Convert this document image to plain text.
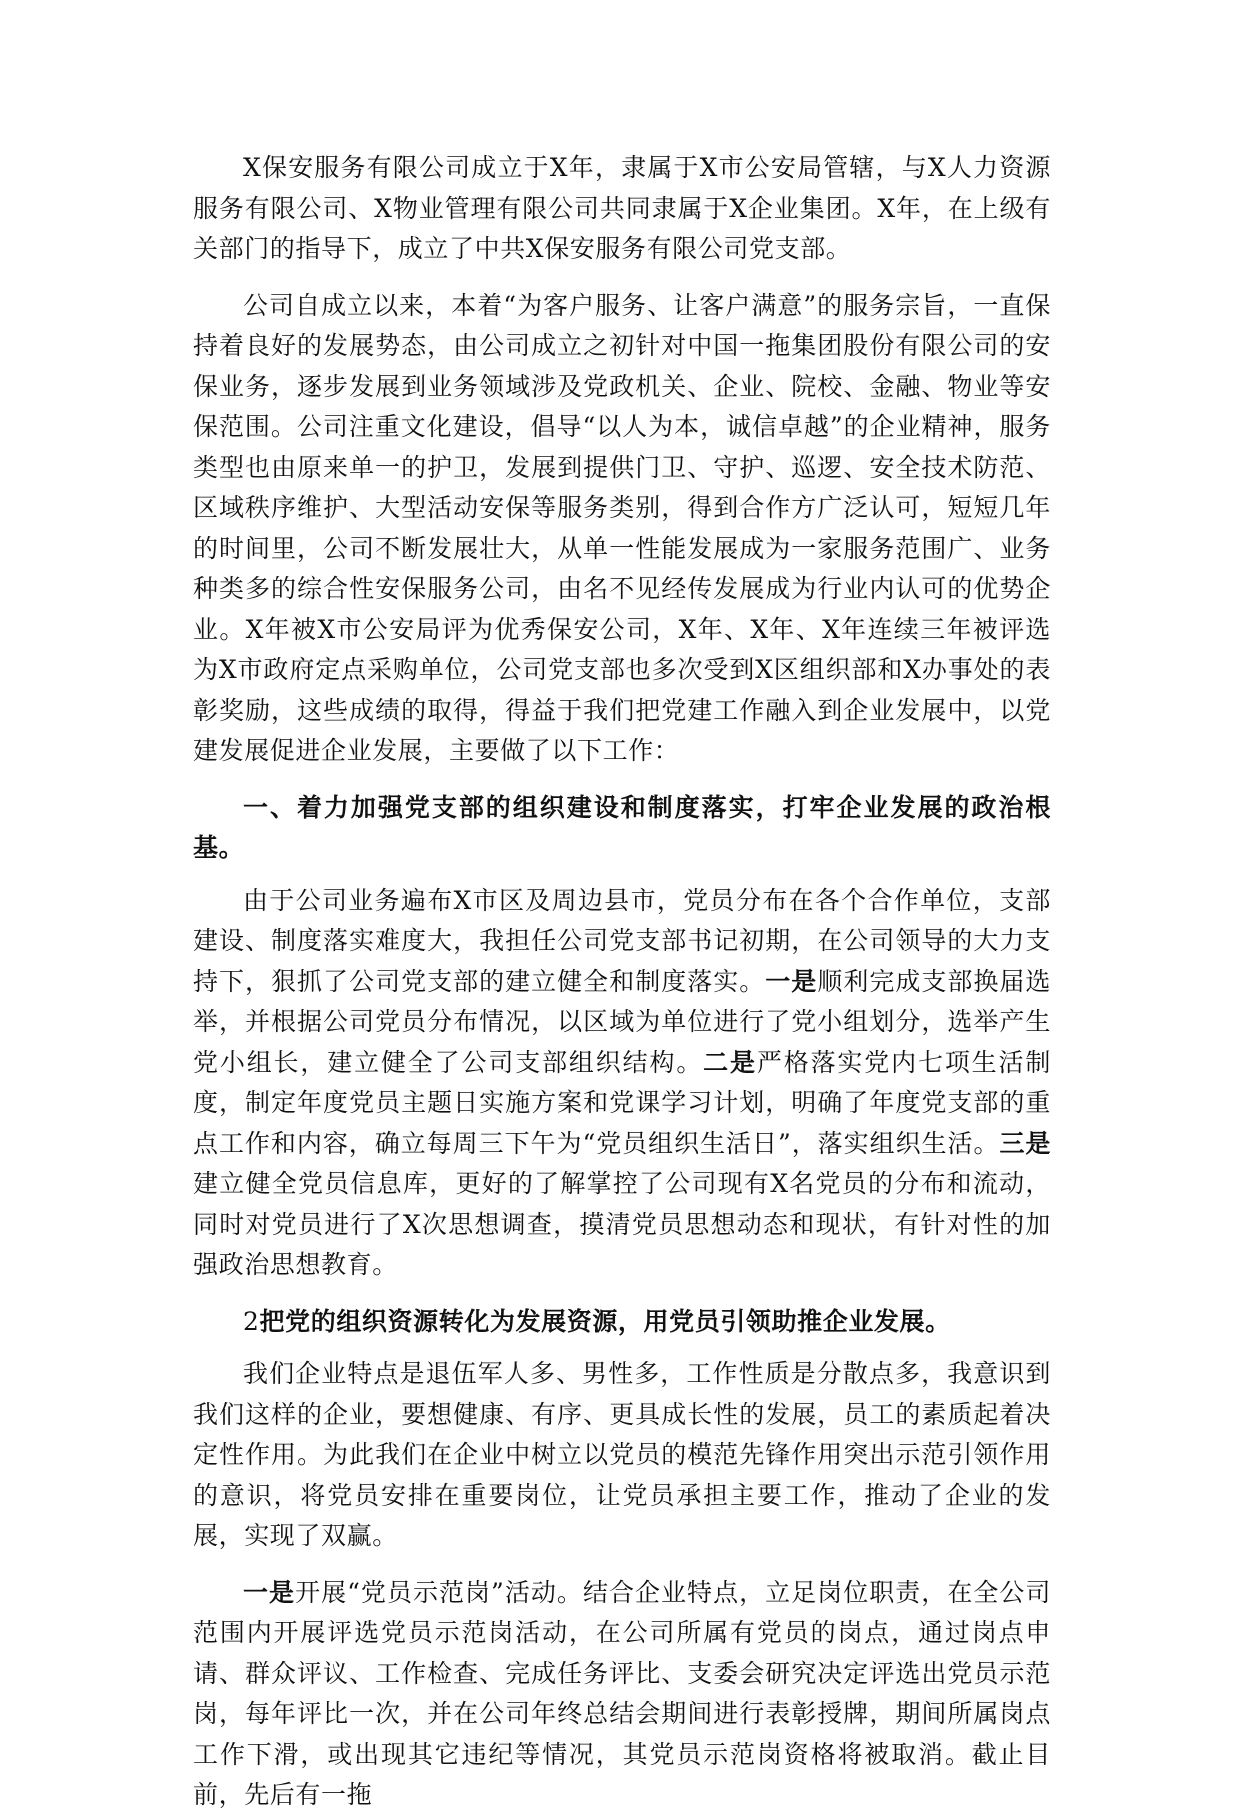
X保安服务有限公司成立于X年，隶属于X市公安局管辖，与X人力资源服务有限公司、X物业管理有限公司共同隶属于X企业集团。X年，在上级有关部门的指导下，成立了中共X保安服务有限公司党支部。

公司自成立以来，本着“为客户服务、让客户满意”的服务宗旨，一直保持着良好的发展势态，由公司成立之初针对中国一拖集团股份有限公司的安保业务，逐步发展到业务领域涉及党政机关、企业、院校、金融、物业等安保范围。公司注重文化建设，倡导“以人为本，诚信卓越”的企业精神，服务类型也由原来单一的护卫，发展到提供门卫、守护、巡逻、安全技术防范、区域秩序维护、大型活动安保等服务类别，得到合作方广泛认可，短短几年的时间里，公司不断发展壮大，从单一性能发展成为一家服务范围广、业务种类多的综合性安保服务公司，由名不见经传发展成为行业内认可的优势企业。X年被X市公安局评为优秀保安公司，X年、X年、X年连续三年被评选为X市政府定点采购单位，公司党支部也多次受到X区组织部和X办事处的表彰奖励，这些成绩的取得，得益于我们把党建工作融入到企业发展中，以党建发展促进企业发展，主要做了以下工作：

一、着力加强党支部的组织建设和制度落实，打牢企业发展的政治根基。

由于公司业务遍布X市区及周边县市，党员分布在各个合作单位，支部建设、制度落实难度大，我担任公司党支部书记初期，在公司领导的大力支持下，狠抓了公司党支部的建立健全和制度落实。一是顺利完成支部换届选举，并根据公司党员分布情况，以区域为单位进行了党小组划分，选举产生党小组长，建立健全了公司支部组织结构。二是严格落实党内七项生活制度，制定年度党员主题日实施方案和党课学习计划，明确了年度党支部的重点工作和内容，确立每周三下午为“党员组织生活日”，落实组织生活。三是建立健全党员信息库，更好的了解掌控了公司现有X名党员的分布和流动，同时对党员进行了X次思想调查，摸清党员思想动态和现状，有针对性的加强政治思想教育。

2把党的组织资源转化为发展资源，用党员引领助推企业发展。

我们企业特点是退伍军人多、男性多，工作性质是分散点多，我意识到我们这样的企业，要想健康、有序、更具成长性的发展，员工的素质起着决定性作用。为此我们在企业中树立以党员的模范先锋作用突出示范引领作用的意识，将党员安排在重要岗位，让党员承担主要工作，推动了企业的发展，实现了双赢。

一是开展“党员示范岗”活动。结合企业特点，立足岗位职责，在全公司范围内开展评选党员示范岗活动，在公司所属有党员的岗点，通过岗点申请、群众评议、工作检查、完成任务评比、支委会研究决定评选出党员示范岗，每年评比一次，并在公司年终总结会期间进行表彰授牌，期间所属岗点工作下滑，或出现其它违纪等情况，其党员示范岗资格将被取消。截止目前，先后有一拖
